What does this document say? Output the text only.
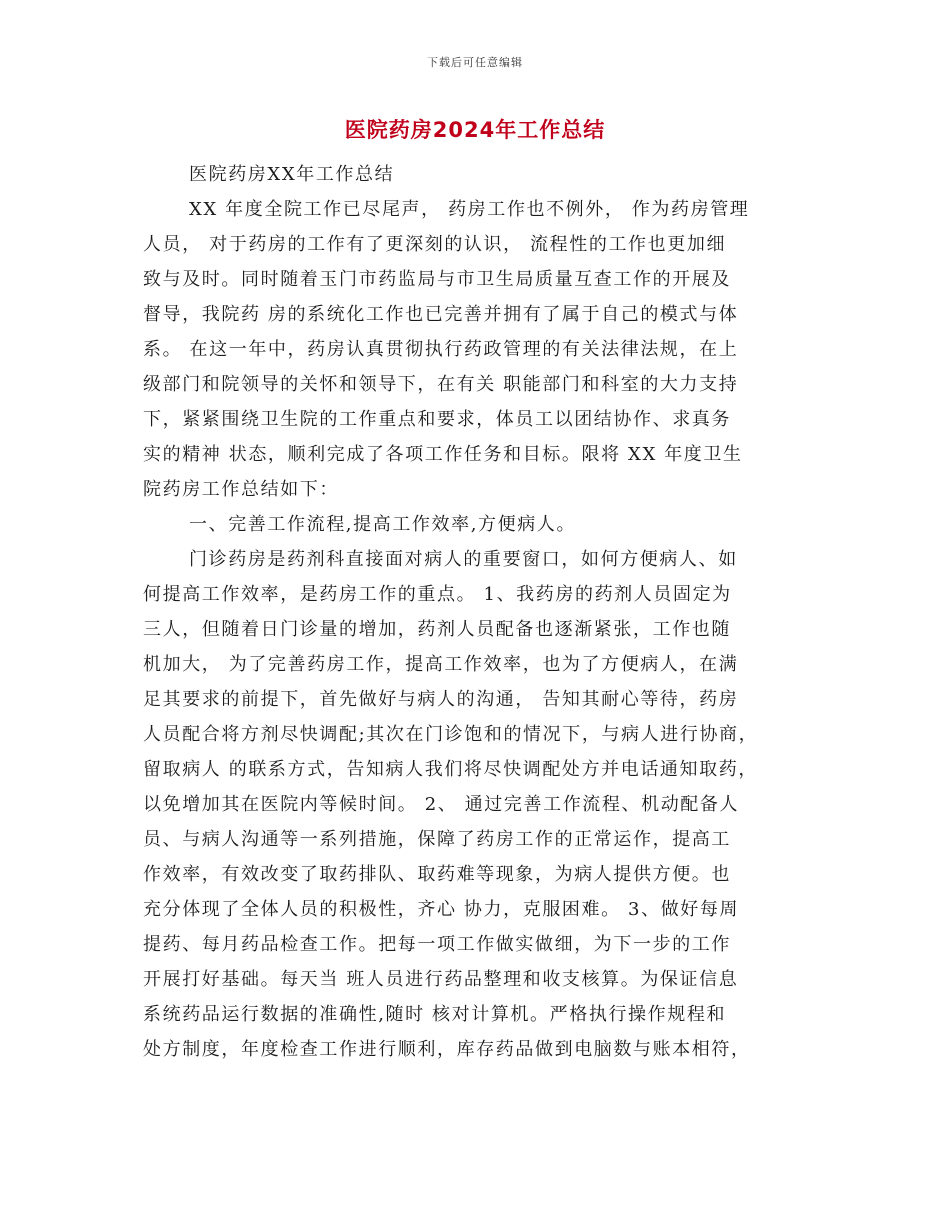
下载后可任意编辑
医院药房2024年工作总结
医院药房XX年工作总结
XX 年度全院工作已尽尾声， 药房工作也不例外， 作为药房管理
人员， 对于药房的工作有了更深刻的认识， 流程性的工作也更加细
致与及时。同时随着玉门市药监局与市卫生局质量互查工作的开展及
督导，我院药 房的系统化工作也已完善并拥有了属于自己的模式与体
系。 在这一年中，药房认真贯彻执行药政管理的有关法律法规，在上
级部门和院领导的关怀和领导下，在有关 职能部门和科室的大力支持
下，紧紧围绕卫生院的工作重点和要求，体员工以团结协作、求真务
实的精神 状态，顺利完成了各项工作任务和目标。限将 XX 年度卫生
院药房工作总结如下：
一、完善工作流程,提高工作效率,方便病人。
门诊药房是药剂科直接面对病人的重要窗口，如何方便病人、如
何提高工作效率，是药房工作的重点。 1、我药房的药剂人员固定为
三人，但随着日门诊量的增加，药剂人员配备也逐渐紧张，工作也随
机加大， 为了完善药房工作，提高工作效率，也为了方便病人，在满
足其要求的前提下，首先做好与病人的沟通， 告知其耐心等待，药房
人员配合将方剂尽快调配;其次在门诊饱和的情况下，与病人进行协商，
留取病人 的联系方式，告知病人我们将尽快调配处方并电话通知取药，
以免增加其在医院内等候时间。 2、 通过完善工作流程、机动配备人
员、与病人沟通等一系列措施，保障了药房工作的正常运作，提高工
作效率，有效改变了取药排队、取药难等现象，为病人提供方便。也
充分体现了全体人员的积极性，齐心 协力，克服困难。 3、做好每周
提药、每月药品检查工作。把每一项工作做实做细，为下一步的工作
开展打好基础。每天当 班人员进行药品整理和收支核算。为保证信息
系统药品运行数据的准确性,随时 核对计算机。严格执行操作规程和
处方制度，年度检查工作进行顺利，库存药品做到电脑数与账本相符，
